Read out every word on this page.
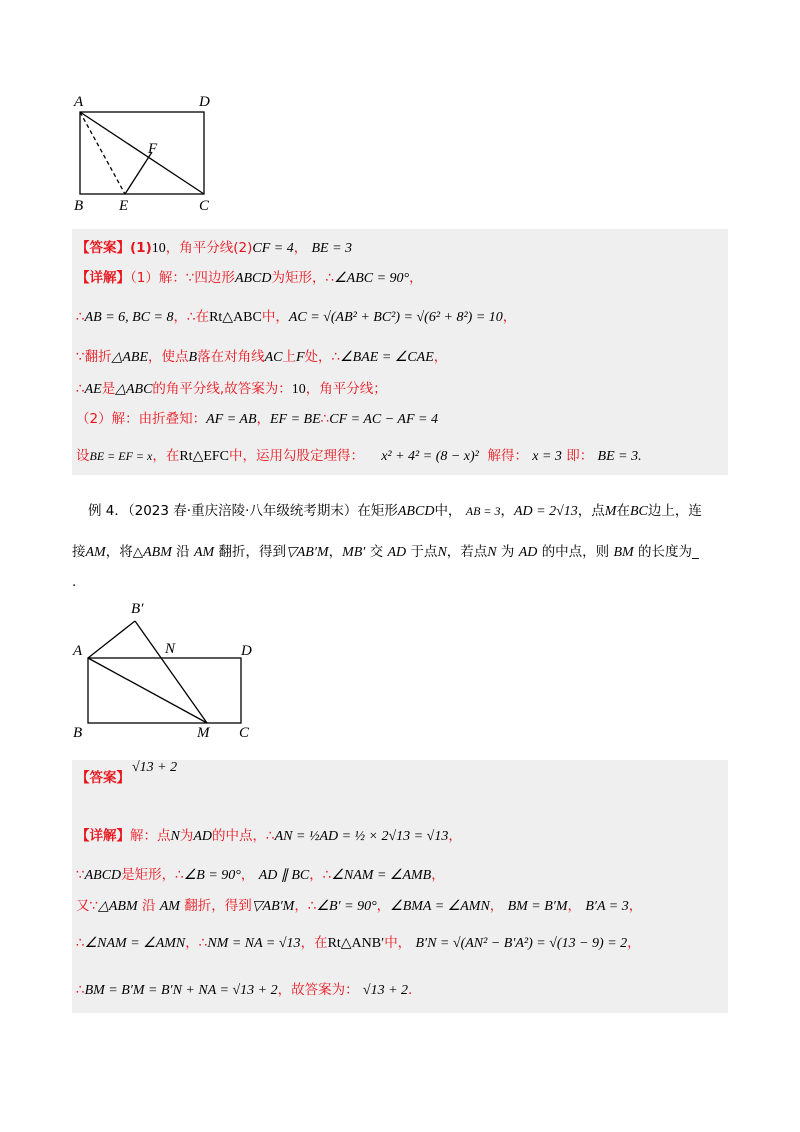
A	D
F
B E	C
【答案】(1)10，角平分线(2)CF = 4， BE = 3
【详解】（1）解：∵四边形ABCD为矩形，∴∠ABC = 90°，
∴AB = 6, BC = 8，∴在Rt△ABC中，AC = √(AB² + BC²) = √(6² + 8²) = 10，
∵翻折△ABE，使点B落在对角线AC上F处，∴∠BAE = ∠CAE，
∴AE是△ABC的角平分线,故答案为：10，角平分线；
（2）解：由折叠知：AF = AB，EF = BE∴CF = AC − AF = 4
设BE = EF = x，在Rt△EFC中，运用勾股定理得： x² + 4² = (8 − x)² 解得： x = 3 即： BE = 3.
例 4．（2023 春·重庆涪陵·八年级统考期末）在矩形ABCD中， AB = 3，AD = 2√13，点M在BC边上，连
接AM，将△ABM 沿 AM 翻折，得到▽AB′M，MB′ 交 AD 于点N，若点N 为 AD 的中点，则 BM 的长度为_
.
B′
A	N	D
B	M C
【答案】
√13 + 2
【详解】解：点N为AD的中点，∴AN = ½AD = ½ × 2√13 = √13，
∵ABCD是矩形，∴∠B = 90°， AD ∥ BC，∴∠NAM = ∠AMB，
又∵△ABM 沿 AM 翻折，得到▽AB′M，∴∠B′ = 90°，∠BMA = ∠AMN， BM = B′M， B′A = 3，
∴∠NAM = ∠AMN，∴NM = NA = √13，在Rt△ANB′中， B′N = √(AN² − B′A²) = √(13 − 9) = 2，
∴BM = B′M = B′N + NA = √13 + 2，故答案为： √13 + 2.
